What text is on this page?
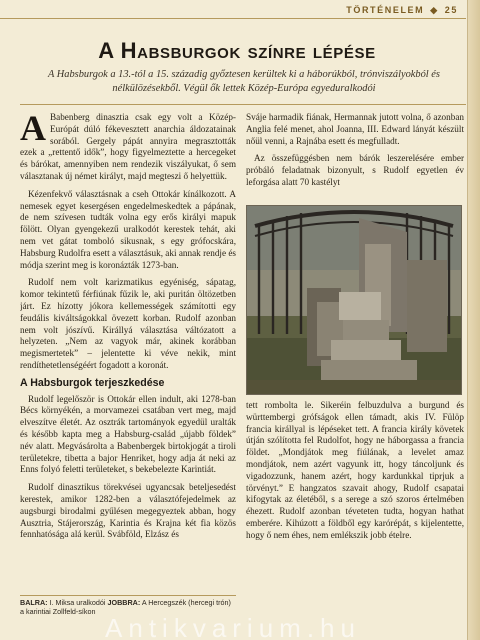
TÖRTÉNELEM ◆ 25
A Habsburgok színre lépése

A Habsburgok a 13.-tól a 15. századig győztesen kerültek ki a háborúkból, trónviszályokból és nélkülözésekből. Végül ők lettek Közép-Európa egyeduralkodói

A Babenberg dinasztia csak egy volt a Közép-Európát dúló fékevesztett anarchia áldozatainak sorából. Gergely pápát annyira megrasztották ezek a „rettentő idők”, hogy figyelmeztette a hercegeket és bárókat, amennyiben nem rendezik viszályukat, ő sem választanak új német királyt, majd megteszi ő helyettük.

Kézenfekvő választásnak a cseh Ottokár kínálkozott. A nemesek egyet kesergésen engedelmeskedtek a pápának, de nem szívesen tudták volna egy erős királyi mapuk fölött. Olyan gyengekezű uralkodót kerestek tehát, aki nem vet gátat tomboló sikusnak, s egy grófocskára, Habsburg Rudolfra esett a választásuk, aki annak rendje és módja szerint meg is koronázták 1273-ban.

Rudolf nem volt karizmatikus egyéniség, sápatag, komor tekintetű férfiúnak fűzik le, aki puritán öltözetben járt. Ez hízotty jókora kellemességek számítotti egy feudális kiváltságokkal övezett korban. Rudolf azonban nem volt jószívű. Királlyá választása váltózatott a helyzeten. „Nem az vagyok már, akinek korábban megismertetek” – jelentette ki véve nekik, mint rendíthetetlenségéért fogadott a koronát.

A Habsburgok terjeszkedése

Rudolf legelőször is Ottokár ellen indult, aki 1278-ban Bécs környékén, a morvamezei csatában vert meg, majd elveszítve életét. Az osztrák tartományok egyedül uralták és később kapta meg a Habsburg-család „újabb földek” név alatt. Megvásárolta a Babenbergek birtokjogát a tiroli területekre, tibetta a bajor Henriket, hogy adja át neki az Enns folyó feletti területeket, s bekebelezte Karintiát.

Rudolf dinasztikus törekvései ugyancsak beteljesedést kerestek, amikor 1282-ben a választófejedelmek az augsburgi birodalmi gyűlésen megegyeztek abban, hogy Ausztria, Stájerország, Karintia és Krajna két fia közös fennhatósága alá kerül. Svábföld, Elzász és

Sváje harmadik fiának, Hermannak jutott volna, ő azonban Anglia felé menet, ahol Joanna, III. Edward lányát készült nőül venni, a Rajnába esett és megfulladt.

Az összefüggésben nem bárók leszerelésére ember próbáló feladatnak bizonyult, s Rudolf egyetlen év leforgása alatt 70 kastélyt

tett rombolta le. Sikeréin felbuzdulva a burgund és württembergi grófságok ellen támadt, akis IV. Fülöp francia királlyal is lépéseket tett. A francia király követek útján szólította fel Rudolfot, hogy ne háborgassa a francia földet. „Mondjátok meg fiúlának, a levelet amaz mondjátok, nem azért vagyunk itt, hogy táncoljunk és vigadozzunk, hanem azért, hogy kardunkkal tiprjuk a törvényt.” E hangzatos szavait ahogy, Rudolf csapatai kifogytak az életéből, s a serege a szó szoros értelmében éhezett. Rudolf azonban téveteten tudta, hogyan hathat emberére. Kihúzott a földből egy karórépát, s kijelentette, hogy ő nem éhes, nem emlékszik jobb ételre.

BALRA: I. Miksa uralkodói JOBBRA: A Hercegszék (hercegi trón) a karintiai Zollfeld-síkon
Antikvarium.hu
